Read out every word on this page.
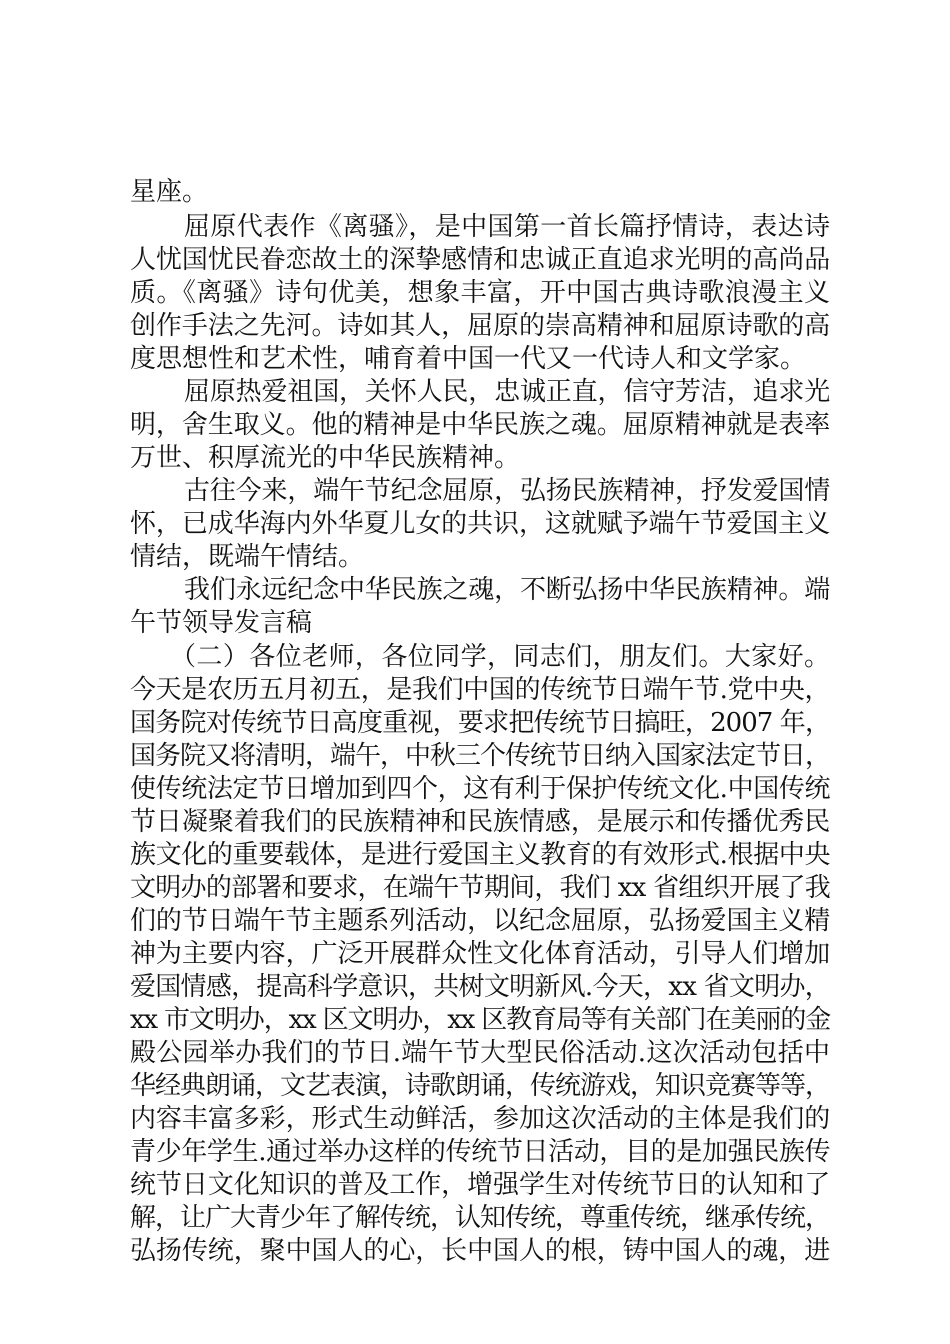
星座。
屈原代表作《离骚》，是中国第一首长篇抒情诗，表达诗
人忧国忧民眷恋故土的深挚感情和忠诚正直追求光明的高尚品
质。《离骚》诗句优美，想象丰富，开中国古典诗歌浪漫主义
创作手法之先河。诗如其人，屈原的崇高精神和屈原诗歌的高
度思想性和艺术性，哺育着中国一代又一代诗人和文学家。
屈原热爱祖国，关怀人民，忠诚正直，信守芳洁，追求光
明，舍生取义。他的精神是中华民族之魂。屈原精神就是表率
万世、积厚流光的中华民族精神。
古往今来，端午节纪念屈原，弘扬民族精神，抒发爱国情
怀，已成华海内外华夏儿女的共识，这就赋予端午节爱国主义
情结，既端午情结。
我们永远纪念中华民族之魂，不断弘扬中华民族精神。端
午节领导发言稿
（二）各位老师，各位同学，同志们，朋友们。大家好。
今天是农历五月初五，是我们中国的传统节日端午节.党中央，
国务院对传统节日高度重视，要求把传统节日搞旺，2007 年，
国务院又将清明，端午，中秋三个传统节日纳入国家法定节日，
使传统法定节日增加到四个，这有利于保护传统文化.中国传统
节日凝聚着我们的民族精神和民族情感，是展示和传播优秀民
族文化的重要载体，是进行爱国主义教育的有效形式.根据中央
文明办的部署和要求，在端午节期间，我们 xx 省组织开展了我
们的节日端午节主题系列活动，以纪念屈原，弘扬爱国主义精
神为主要内容，广泛开展群众性文化体育活动，引导人们增加
爱国情感，提高科学意识，共树文明新风.今天，xx 省文明办，
xx 市文明办，xx 区文明办，xx 区教育局等有关部门在美丽的金
殿公园举办我们的节日.端午节大型民俗活动.这次活动包括中
华经典朗诵，文艺表演，诗歌朗诵，传统游戏，知识竞赛等等，
内容丰富多彩，形式生动鲜活，参加这次活动的主体是我们的
青少年学生.通过举办这样的传统节日活动，目的是加强民族传
统节日文化知识的普及工作，增强学生对传统节日的认知和了
解，让广大青少年了解传统，认知传统，尊重传统，继承传统，
弘扬传统，聚中国人的心，长中国人的根，铸中国人的魂，进
